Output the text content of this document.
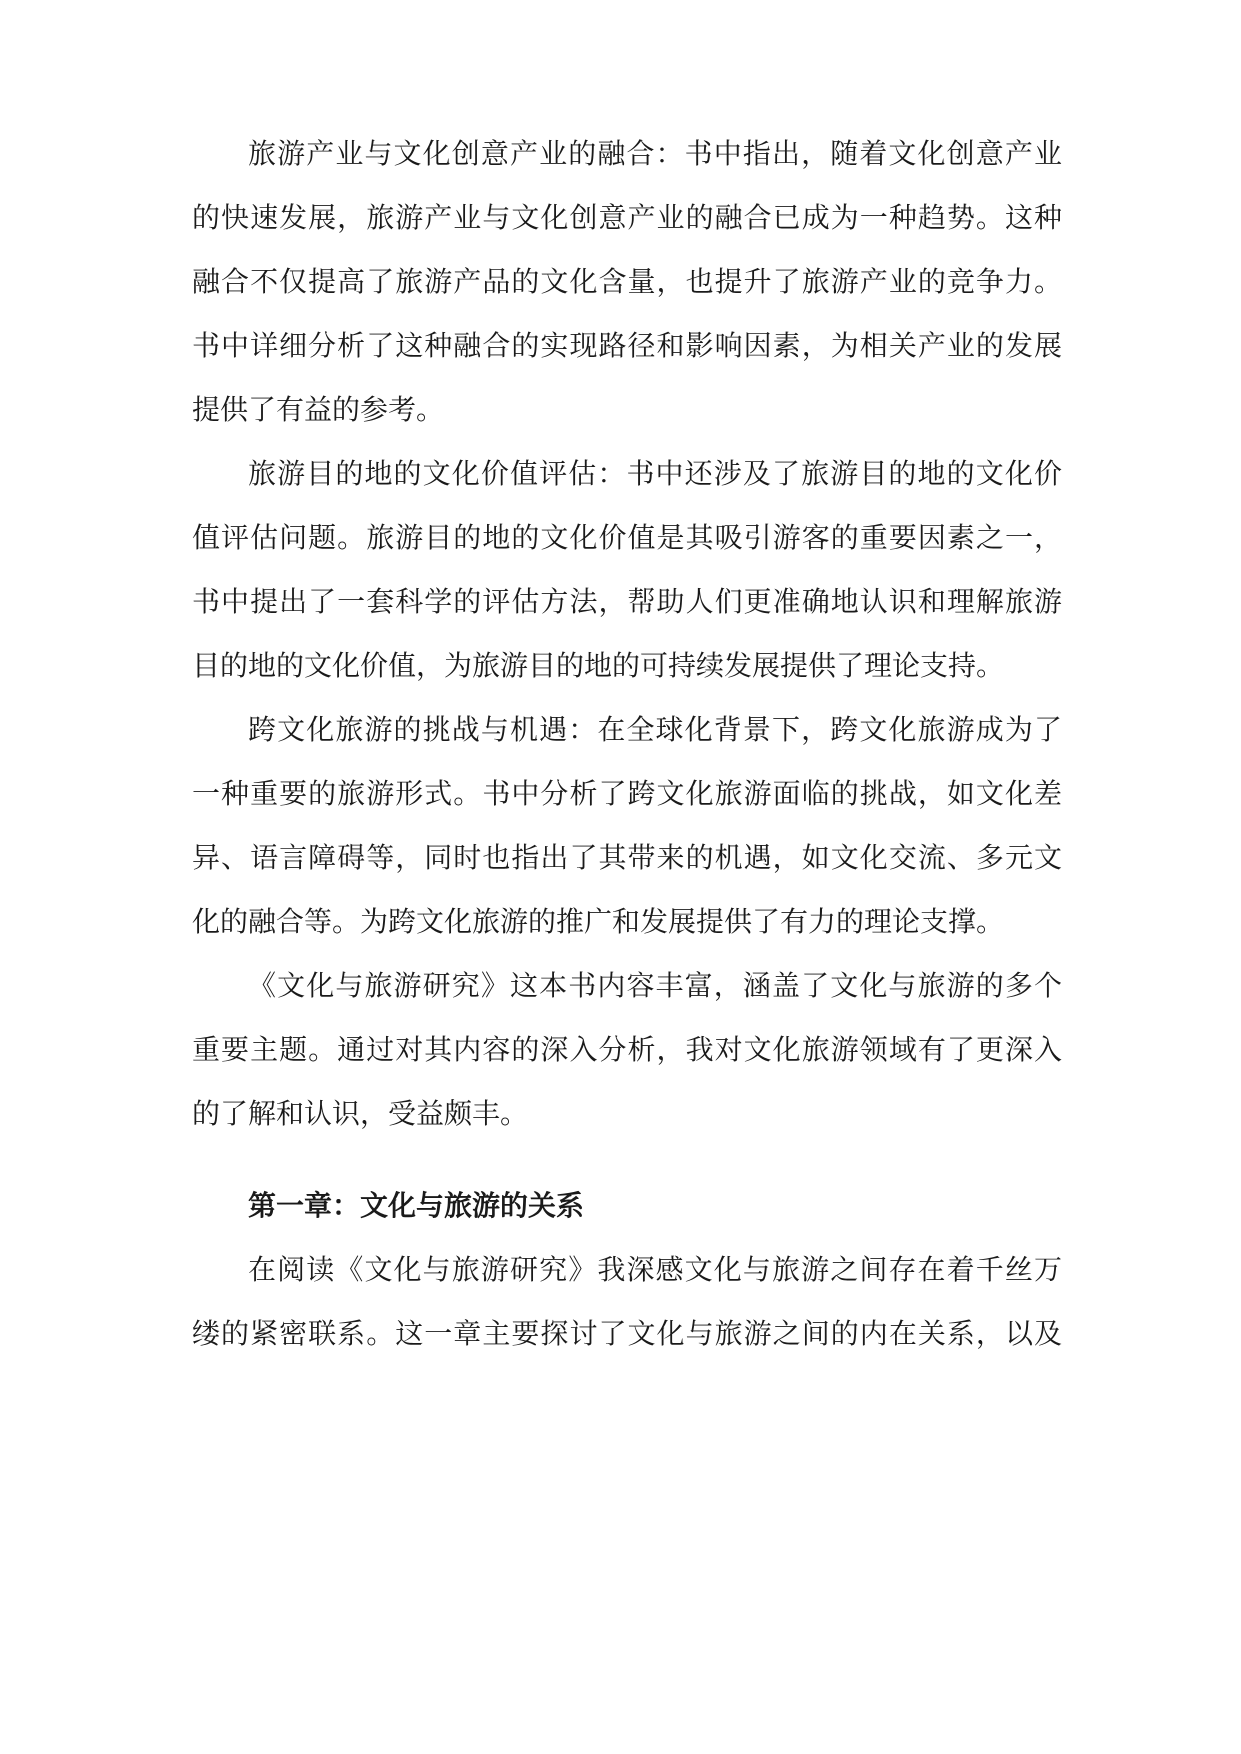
旅游产业与文化创意产业的融合：书中指出，随着文化创意产业
的快速发展，旅游产业与文化创意产业的融合已成为一种趋势。这种
融合不仅提高了旅游产品的文化含量，也提升了旅游产业的竞争力。
书中详细分析了这种融合的实现路径和影响因素，为相关产业的发展
提供了有益的参考。
旅游目的地的文化价值评估：书中还涉及了旅游目的地的文化价
值评估问题。旅游目的地的文化价值是其吸引游客的重要因素之一，
书中提出了一套科学的评估方法，帮助人们更准确地认识和理解旅游
目的地的文化价值，为旅游目的地的可持续发展提供了理论支持。
跨文化旅游的挑战与机遇：在全球化背景下，跨文化旅游成为了
一种重要的旅游形式。书中分析了跨文化旅游面临的挑战，如文化差
异、语言障碍等，同时也指出了其带来的机遇，如文化交流、多元文
化的融合等。为跨文化旅游的推广和发展提供了有力的理论支撑。
《文化与旅游研究》这本书内容丰富，涵盖了文化与旅游的多个
重要主题。通过对其内容的深入分析，我对文化旅游领域有了更深入
的了解和认识，受益颇丰。
第一章：文化与旅游的关系
在阅读《文化与旅游研究》我深感文化与旅游之间存在着千丝万
缕的紧密联系。这一章主要探讨了文化与旅游之间的内在关系，以及
